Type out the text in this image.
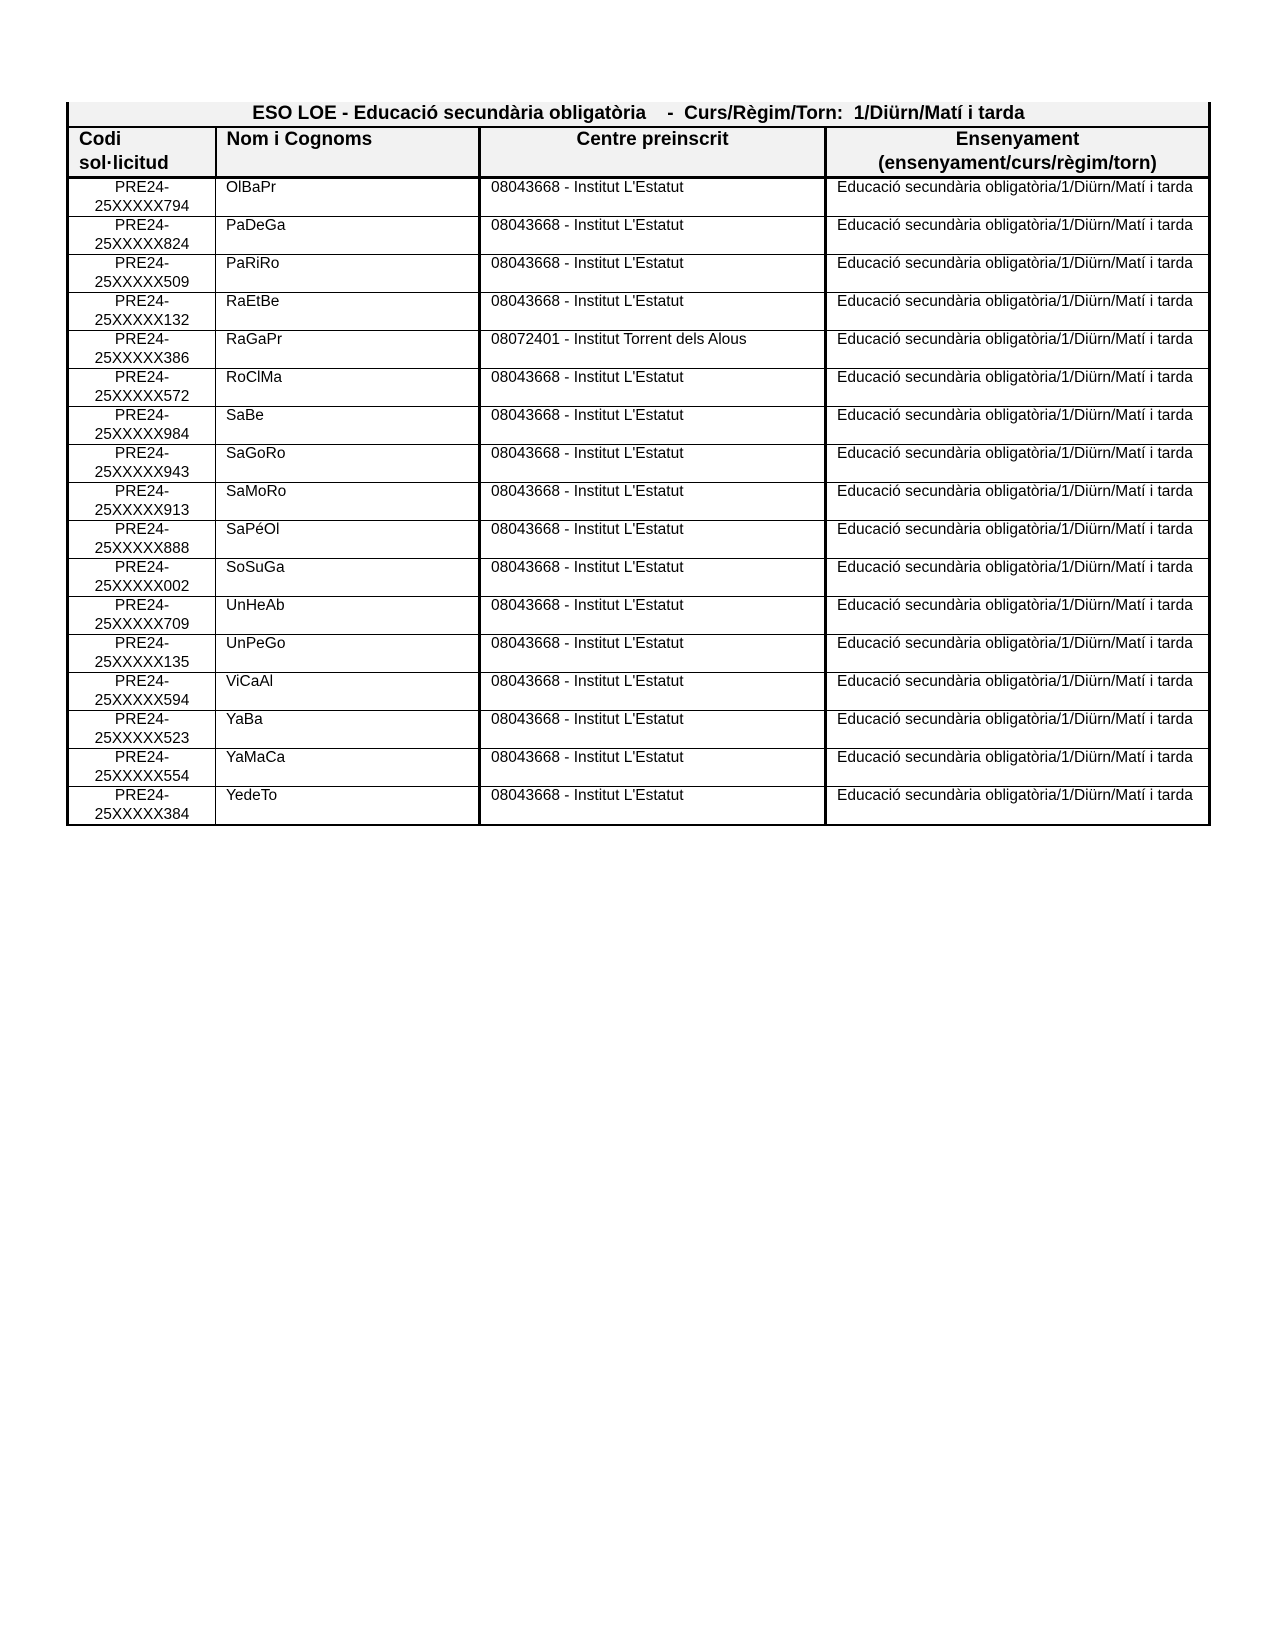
ESO LOE - Educació secundària obligatòria    -  Curs/Règim/Torn:  1/Diürn/Matí i tarda			
Codi
sol·licitud	Nom i Cognoms	Centre preinscrit	Ensenyament
(ensenyament/curs/règim/torn)
PRE24-
25XXXXX794	OlBaPr	08043668 - Institut L'Estatut	Educació secundària obligatòria/1/Diürn/Matí i tarda
PRE24-
25XXXXX824	PaDeGa	08043668 - Institut L'Estatut	Educació secundària obligatòria/1/Diürn/Matí i tarda
PRE24-
25XXXXX509	PaRiRo	08043668 - Institut L'Estatut	Educació secundària obligatòria/1/Diürn/Matí i tarda
PRE24-
25XXXXX132	RaEtBe	08043668 - Institut L'Estatut	Educació secundària obligatòria/1/Diürn/Matí i tarda
PRE24-
25XXXXX386	RaGaPr	08072401 - Institut Torrent dels Alous	Educació secundària obligatòria/1/Diürn/Matí i tarda
PRE24-
25XXXXX572	RoClMa	08043668 - Institut L'Estatut	Educació secundària obligatòria/1/Diürn/Matí i tarda
PRE24-
25XXXXX984	SaBe	08043668 - Institut L'Estatut	Educació secundària obligatòria/1/Diürn/Matí i tarda
PRE24-
25XXXXX943	SaGoRo	08043668 - Institut L'Estatut	Educació secundària obligatòria/1/Diürn/Matí i tarda
PRE24-
25XXXXX913	SaMoRo	08043668 - Institut L'Estatut	Educació secundària obligatòria/1/Diürn/Matí i tarda
PRE24-
25XXXXX888	SaPéOl	08043668 - Institut L'Estatut	Educació secundària obligatòria/1/Diürn/Matí i tarda
PRE24-
25XXXXX002	SoSuGa	08043668 - Institut L'Estatut	Educació secundària obligatòria/1/Diürn/Matí i tarda
PRE24-
25XXXXX709	UnHeAb	08043668 - Institut L'Estatut	Educació secundària obligatòria/1/Diürn/Matí i tarda
PRE24-
25XXXXX135	UnPeGo	08043668 - Institut L'Estatut	Educació secundària obligatòria/1/Diürn/Matí i tarda
PRE24-
25XXXXX594	ViCaAl	08043668 - Institut L'Estatut	Educació secundària obligatòria/1/Diürn/Matí i tarda
PRE24-
25XXXXX523	YaBa	08043668 - Institut L'Estatut	Educació secundària obligatòria/1/Diürn/Matí i tarda
PRE24-
25XXXXX554	YaMaCa	08043668 - Institut L'Estatut	Educació secundària obligatòria/1/Diürn/Matí i tarda
PRE24-
25XXXXX384	YedeTo	08043668 - Institut L'Estatut	Educació secundària obligatòria/1/Diürn/Matí i tarda
